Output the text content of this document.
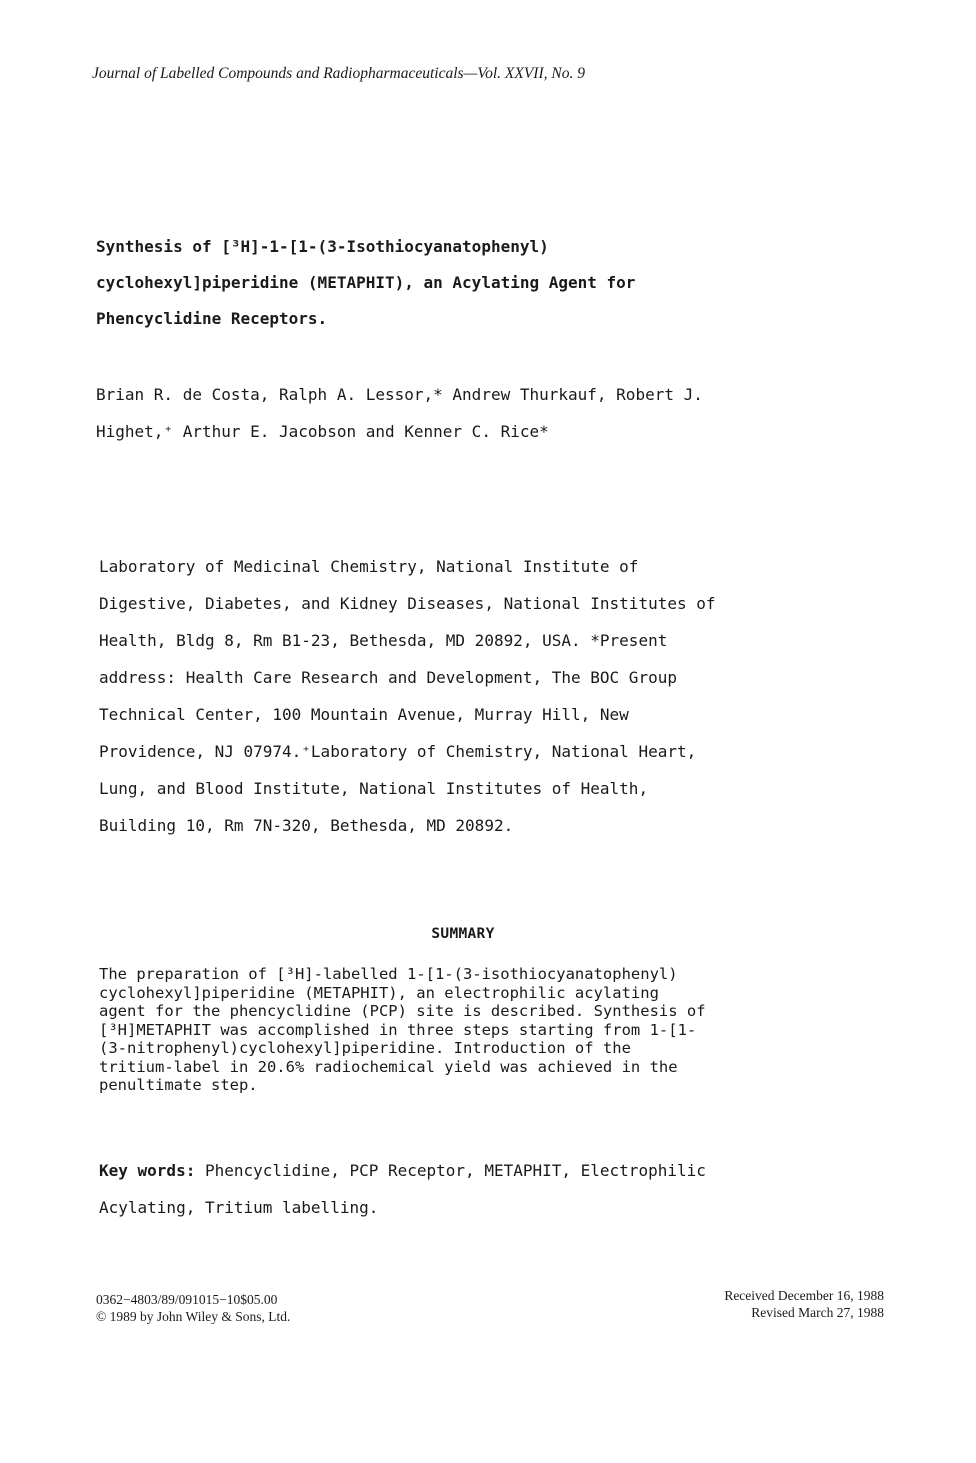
Journal of Labelled Compounds and Radiopharmaceuticals—Vol. XXVII, No. 9
Synthesis of [³H]-1-[1-(3-Isothiocyanatophenyl)
cyclohexyl]piperidine (METAPHIT), an Acylating Agent for
Phencyclidine Receptors.
Brian R. de Costa, Ralph A. Lessor,* Andrew Thurkauf, Robert J.
Highet,⁺ Arthur E. Jacobson and Kenner C. Rice*
Laboratory of Medicinal Chemistry, National Institute of
Digestive, Diabetes, and Kidney Diseases, National Institutes of
Health, Bldg 8, Rm B1-23, Bethesda, MD 20892, USA. *Present
address: Health Care Research and Development, The BOC Group
Technical Center, 100 Mountain Avenue, Murray Hill, New
Providence, NJ 07974.⁺Laboratory of Chemistry, National Heart,
Lung, and Blood Institute, National Institutes of Health,
Building 10, Rm 7N-320, Bethesda, MD 20892.
SUMMARY
The preparation of [³H]-labelled 1-[1-(3-isothiocyanatophenyl)
cyclohexyl]piperidine (METAPHIT), an electrophilic acylating
agent for the phencyclidine (PCP) site is described. Synthesis of
[³H]METAPHIT was accomplished in three steps starting from 1-[1-
(3-nitrophenyl)cyclohexyl]piperidine. Introduction of the
tritium-label in 20.6% radiochemical yield was achieved in the
penultimate step.
Key words: Phencyclidine, PCP Receptor, METAPHIT, Electrophilic
Acylating, Tritium labelling.
0362−4803/89/091015−10$05.00
© 1989 by John Wiley & Sons, Ltd.
Received December 16, 1988
Revised March 27, 1988
